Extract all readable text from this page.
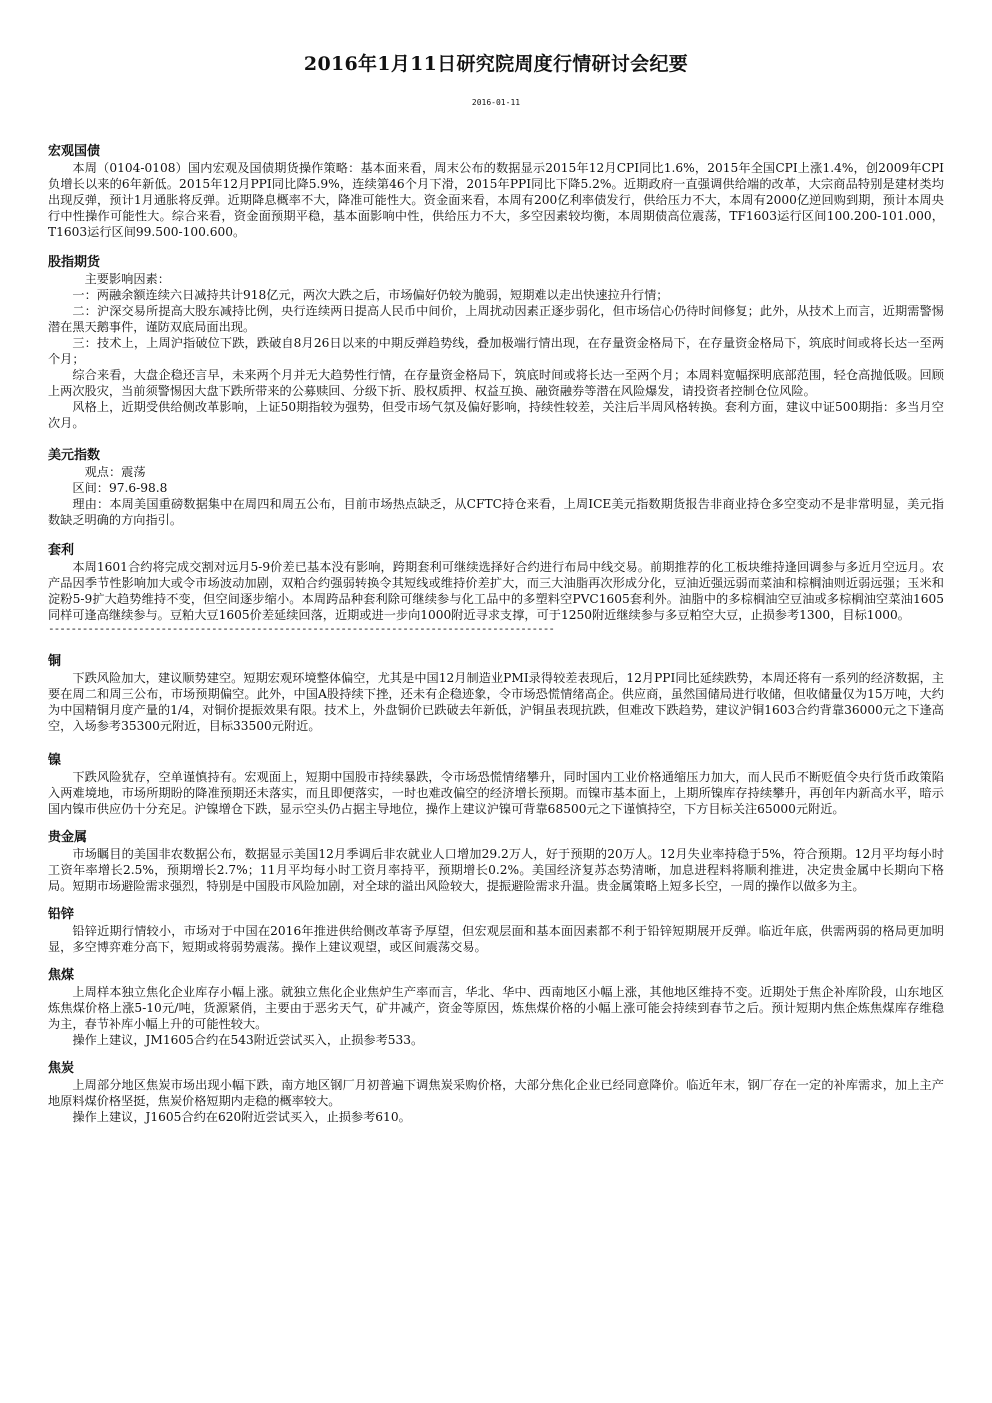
2016年1月11日研究院周度行情研讨会纪要
2016-01-11
宏观国债

本周（0104-0108）国内宏观及国债期货操作策略：基本面来看，周末公布的数据显示2015年12月CPI同比1.6%，2015年全国CPI上涨1.4%，创2009年CPI负增长以来的6年新低。2015年12月PPI同比降5.9%，连续第46个月下滑，2015年PPI同比下降5.2%。近期政府一直强调供给端的改革，大宗商品特别是建材类均出现反弹，预计1月通胀将反弹。近期降息概率不大，降准可能性大。资金面来看，本周有200亿利率债发行，供给压力不大，本周有2000亿逆回购到期，预计本周央行中性操作可能性大。综合来看，资金面预期平稳，基本面影响中性，供给压力不大，多空因素较均衡，本周期债高位震荡，TF1603运行区间100.200-101.000，T1603运行区间99.500-100.600。

股指期货

主要影响因素：

一：两融余额连续六日减持共计918亿元，两次大跌之后，市场偏好仍较为脆弱，短期难以走出快速拉升行情；

二：沪深交易所提高大股东减持比例，央行连续两日提高人民币中间价，上周扰动因素正逐步弱化，但市场信心仍待时间修复；此外，从技术上而言，近期需警惕潜在黑天鹅事件，谨防双底局面出现。

三：技术上，上周沪指破位下跌，跌破自8月26日以来的中期反弹趋势线，叠加极端行情出现，在存量资金格局下，在存量资金格局下，筑底时间或将长达一至两个月；

综合来看，大盘企稳还言早，未来两个月并无大趋势性行情，在存量资金格局下，筑底时间或将长达一至两个月；本周料宽幅探明底部范围，轻仓高抛低吸。回顾上两次股灾，当前须警惕因大盘下跌所带来的公募赎回、分级下折、股权质押、权益互换、融资融券等潜在风险爆发，请投资者控制仓位风险。

风格上，近期受供给侧改革影响，上证50期指较为强势，但受市场气氛及偏好影响，持续性较差，关注后半周风格转换。套利方面，建议中证500期指：多当月空次月。

美元指数

观点：震荡

区间：97.6-98.8

理由：本周美国重磅数据集中在周四和周五公布，目前市场热点缺乏，从CFTC持仓来看，上周ICE美元指数期货报告非商业持仓多空变动不是非常明显，美元指数缺乏明确的方向指引。

套利

本周1601合约将完成交割对远月5-9价差已基本没有影响，跨期套利可继续选择好合约进行布局中线交易。前期推荐的化工板块维持逢回调参与多近月空远月。农产品因季节性影响加大或令市场波动加剧，双粕合约强弱转换令其短线或维持价差扩大，而三大油脂再次形成分化，豆油近强远弱而菜油和棕榈油则近弱远强；玉米和淀粉5-9扩大趋势维持不变，但空间逐步缩小。本周跨品种套利除可继续参与化工品中的多塑料空PVC1605套利外。油脂中的多棕榈油空豆油或多棕榈油空菜油1605同样可逢高继续参与。豆粕大豆1605价差延续回落，近期或进一步向1000附近寻求支撑，可于1250附近继续参与多豆粕空大豆，止损参考1300，目标1000。

------------------------------------------------------------------------------------------
铜

下跌风险加大，建议顺势建空。短期宏观环境整体偏空，尤其是中国12月制造业PMI录得较差表现后，12月PPI同比延续跌势，本周还将有一系列的经济数据，主要在周二和周三公布，市场预期偏空。此外，中国A股持续下挫，还未有企稳迹象，令市场恐慌情绪高企。供应商，虽然国储局进行收储，但收储量仅为15万吨，大约为中国精铜月度产量的1/4，对铜价提振效果有限。技术上，外盘铜价已跌破去年新低，沪铜虽表现抗跌，但难改下跌趋势，建议沪铜1603合约背靠36000元之下逢高空，入场参考35300元附近，目标33500元附近。

镍

下跌风险犹存，空单谨慎持有。宏观面上，短期中国股市持续暴跌，令市场恐慌情绪攀升，同时国内工业价格通缩压力加大，而人民币不断贬值令央行货币政策陷入两难境地，市场所期盼的降准预期还未落实，而且即便落实，一时也难改偏空的经济增长预期。而镍市基本面上，上期所镍库存持续攀升，再创年内新高水平，暗示国内镍市供应仍十分充足。沪镍增仓下跌，显示空头仍占据主导地位，操作上建议沪镍可背靠68500元之下谨慎持空，下方目标关注65000元附近。

贵金属

市场瞩目的美国非农数据公布，数据显示美国12月季调后非农就业人口增加29.2万人，好于预期的20万人。12月失业率持稳于5%，符合预期。12月平均每小时工资年率增长2.5%，预期增长2.7%；11月平均每小时工资月率持平，预期增长0.2%。美国经济复苏态势清晰，加息进程料将顺利推进，决定贵金属中长期向下格局。短期市场避险需求强烈，特别是中国股市风险加剧，对全球的溢出风险较大，提振避险需求升温。贵金属策略上短多长空，一周的操作以做多为主。

铅锌

铅锌近期行情较小，市场对于中国在2016年推进供给侧改革寄予厚望，但宏观层面和基本面因素都不利于铅锌短期展开反弹。临近年底，供需两弱的格局更加明显，多空博弈难分高下，短期或将弱势震荡。操作上建议观望，或区间震荡交易。

焦煤

上周样本独立焦化企业库存小幅上涨。就独立焦化企业焦炉生产率而言，华北、华中、西南地区小幅上涨，其他地区维持不变。近期处于焦企补库阶段，山东地区炼焦煤价格上涨5-10元/吨，货源紧俏，主要由于恶劣天气，矿井减产，资金等原因，炼焦煤价格的小幅上涨可能会持续到春节之后。预计短期内焦企炼焦煤库存维稳为主，春节补库小幅上升的可能性较大。

操作上建议，JM1605合约在543附近尝试买入，止损参考533。

焦炭

上周部分地区焦炭市场出现小幅下跌，南方地区钢厂月初普遍下调焦炭采购价格，大部分焦化企业已经同意降价。临近年末，钢厂存在一定的补库需求，加上主产地原料煤价格坚挺，焦炭价格短期内走稳的概率较大。

操作上建议，J1605合约在620附近尝试买入，止损参考610。
